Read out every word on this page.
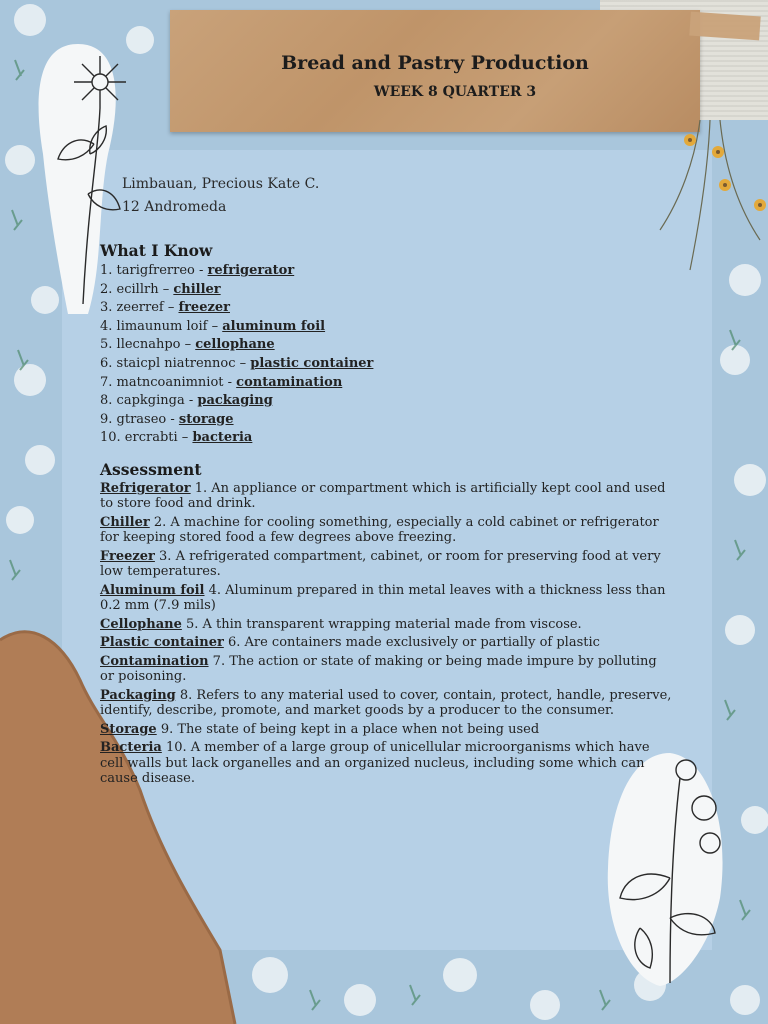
Bread and Pastry Production
WEEK 8 QUARTER 3
Limbauan, Precious Kate C.
12 Andromeda
What I Know
1. tarigfrerreo - refrigerator
2. ecillrh – chiller
3. zeerref – freezer
4. limaunum loif – aluminum foil
5. llecnahpo – cellophane
6. staicpl niatrennoc – plastic container
7. matncoanimniot - contamination
8. capkginga - packaging
9. gtraseo - storage
10. ercrabti – bacteria
Assessment
Refrigerator 1. An appliance or compartment which is artificially kept cool and used to store food and drink.
Chiller 2. A machine for cooling something, especially a cold cabinet or refrigerator for keeping stored food a few degrees above freezing.
Freezer 3. A refrigerated compartment, cabinet, or room for preserving food at very low temperatures.
Aluminum foil 4. Aluminum prepared in thin metal leaves with a thickness less than 0.2 mm (7.9 mils)
Cellophane 5. A thin transparent wrapping material made from viscose.
Plastic container 6. Are containers made exclusively or partially of plastic
Contamination 7. The action or state of making or being made impure by polluting or poisoning.
Packaging 8. Refers to any material used to cover, contain, protect, handle, preserve, identify, describe, promote, and market goods by a producer to the consumer.
Storage 9. The state of being kept in a place when not being used
Bacteria 10. A member of a large group of unicellular microorganisms which have cell walls but lack organelles and an organized nucleus, including some which can cause disease.
